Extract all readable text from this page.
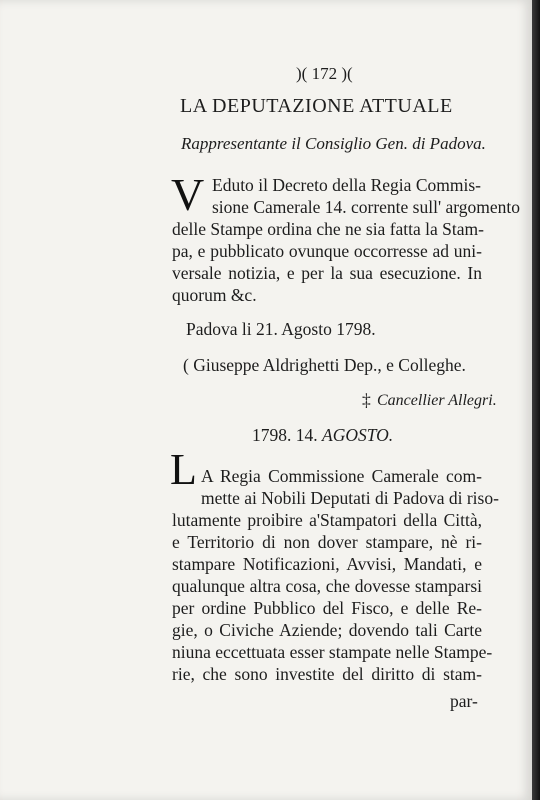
)( 172 )(
LA DEPUTAZIONE ATTUALE
Rappresentante il Consiglio Gen. di Padova.
V Eduto il Decreto della Regia Commis-
sione Camerale 14. corrente sull' argomento
delle Stampe ordina che ne sia fatta la Stam-
pa, e pubblicato ovunque occorresse ad uni-
versale notizia, e per la sua esecuzione. In
quorum &c.
Padova li 21. Agosto 1798.
( Giuseppe Aldrighetti Dep., e Colleghe.
‡ Cancellier Allegri.
1798. 14. AGOSTO.
L A Regia Commissione Camerale com-
mette ai Nobili Deputati di Padova di riso-
lutamente proibire a'Stampatori della Città,
e Territorio di non dover stampare, nè ri-
stampare Notificazioni, Avvisi, Mandati, e
qualunque altra cosa, che dovesse stamparsi
per ordine Pubblico del Fisco, e delle Re-
gie, o Civiche Aziende; dovendo tali Carte
niuna eccettuata esser stampate nelle Stampe-
rie, che sono investite del diritto di stam-
par-
